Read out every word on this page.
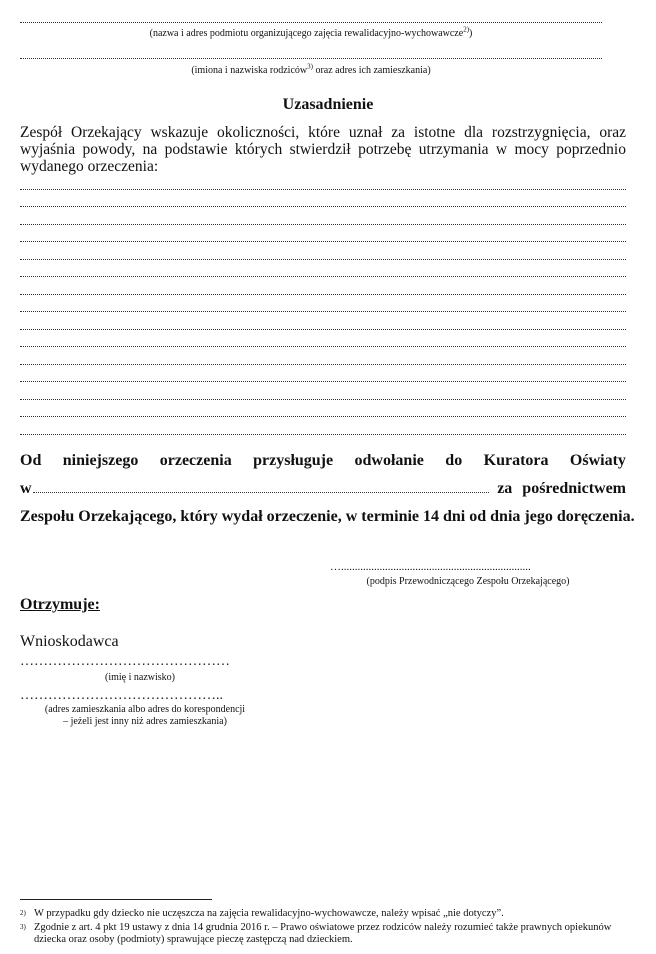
(nazwa i adres podmiotu organizującego zajęcia rewalidacyjno-wychowawcze$^{2)}$)
(imiona i nazwiska rodziców$^{3)}$ oraz adres ich zamieszkania)
Uzasadnienie
Zespół Orzekający wskazuje okoliczności, które uznał za istotne dla rozstrzygnięcia, oraz wyjaśnia powody, na podstawie których stwierdził potrzebę utrzymania w mocy poprzednio wydanego orzeczenia:
Od niniejszego orzeczenia przysługuje odwołanie do Kuratora Oświaty
w	za pośrednictwem
Zespołu Orzekającego, który wydał orzeczenie, w terminie 14 dni od dnia jego doręczenia.
….....................................................................
(podpis Przewodniczącego Zespołu Orzekającego)
Otrzymuje:
Wnioskodawca
………………………………………
(imię i nazwisko)
……………………………………..
(adres zamieszkania albo adres do korespondencji
– jeżeli jest inny niż adres zamieszkania)
2) W przypadku gdy dziecko nie uczęszcza na zajęcia rewalidacyjno-wychowawcze, należy wpisać „nie dotyczy”.
3) Zgodnie z art. 4 pkt 19 ustawy z dnia 14 grudnia 2016 r. – Prawo oświatowe przez rodziców należy rozumieć także prawnych opiekunów dziecka oraz osoby (podmioty) sprawujące pieczę zastępczą nad dzieckiem.
